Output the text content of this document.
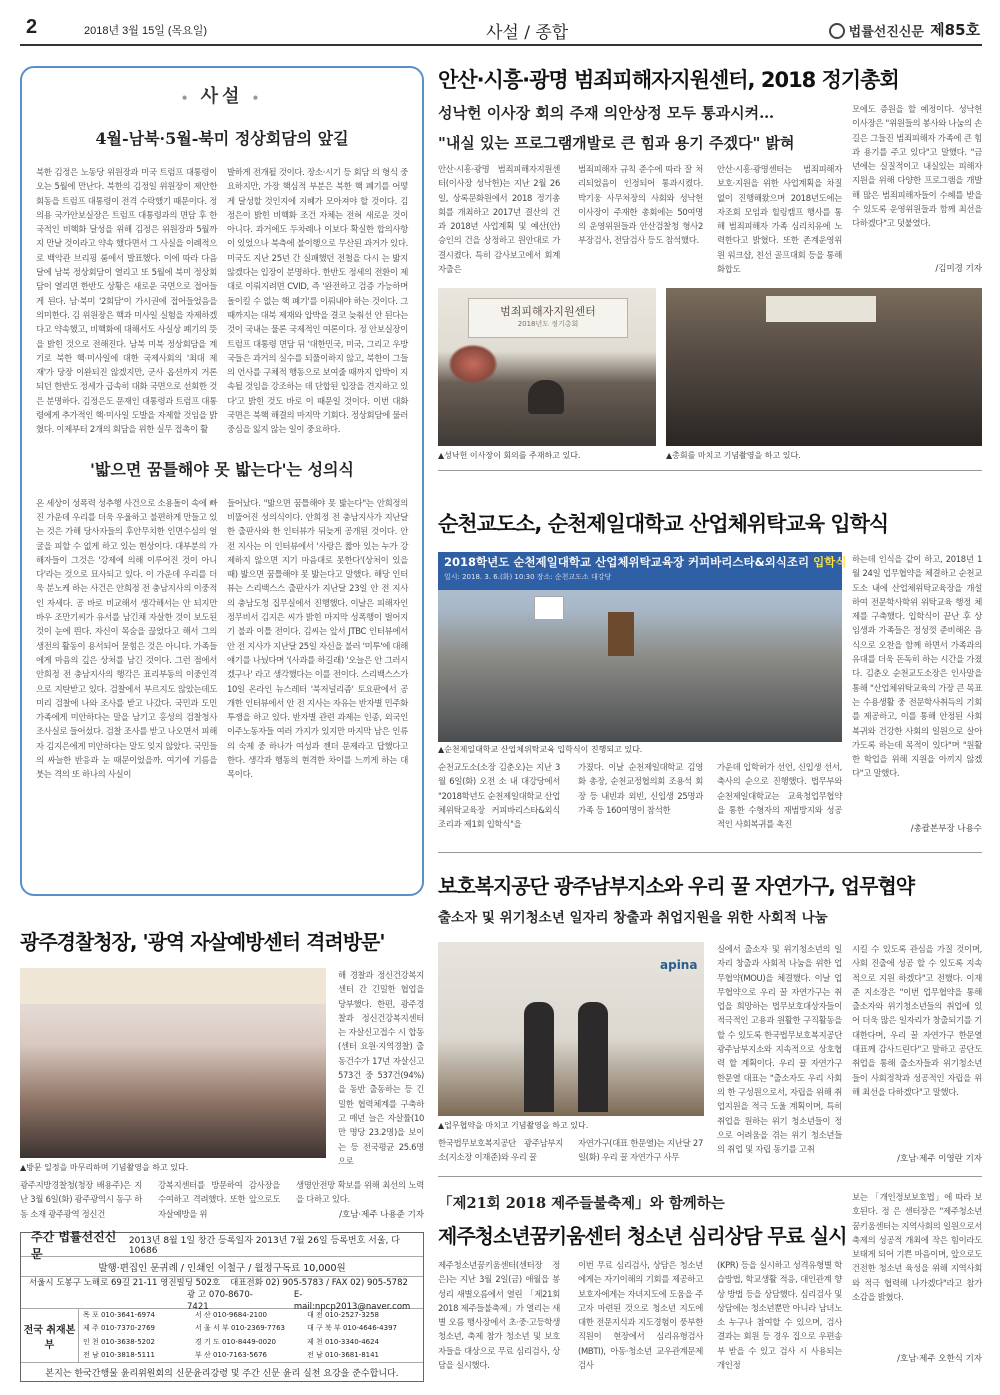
2	2018년 3월 15일 (목요일)	사설 / 종합	법률선진신문 제85호
• 사설 •
4월-남북·5월-북미 정상회담의 앞길
북한 김정은 노동당 위원장과 미국 트럼프 대통령이 오는 5월에 만난다. 북한의 김정일 위원장이 제안한 회동을 트럼프 대통령이 전격 수락했기 때문이다. 정의용 국가안보실장은 트럼프 대통령과의 면담 후 한국적인 비핵화 달성을 위해 김정은 위원장과 5월까지 만날 것이라고 약속 했다면서 그 사실을 이례적으로 백악관 브리핑 룸에서 발표했다. 이에 따라 다음 달에 남북 정상회담이 열리고 또 5월에 북미 정상회담이 열리면 한반도 상황은 새로운 국면으로 접어들게 된다. 남·북미 '2회담'이 가시권에 접어들었음을 의미한다. 김 위원장은 핵과 미사일 실험을 자제하겠다고 약속했고, 비핵화에 대해서도 사실상 폐기의 뜻을 밝힌 것으로 전해진다. 남북 미북 정상회담을 계기로 북한 핵·미사일에 대한 국제사회의 '최대 제재'가 당장 이완되진 않겠지만, 군사 옵션까지 거론되던 한반도 정세가 급속히 대화 국면으로 선회한 것은 분명하다. 김정은도 문재인 대통령과 트럼프 대통령에게 추가적인 핵·미사일 도발을 자제할 것임을 밝혔다. 이제부터 2개의 회담을 위한 실무 접촉이 활
발하게 전개될 것이다. 장소·시기 등 회담 의 형식 중요하지만, 가장 핵심적 부분은 북한 핵 폐기를 어떻게 달성할 것인지에 지혜가 모아져야 할 것이다. 김정은이 밝힌 비핵화 조건 자체는 전혀 새로운 것이 아니다. 과거에도 두차례나 이보다 확실한 합의사항이 있었으나 북측에 불이행으로 무산된 과거가 있다. 미국도 지난 25년 간 실패했던 전철을 다시 는 밟지 않겠다는 입장이 분명하다. 한반도 정세의 전환이 제대로 이뤄지려면 CVID, 즉 '완전하고 검증 가능하며 돌이킬 수 없는 핵 폐기'를 이뤄내야 하는 것이다. 그때까지는 대북 제재와 압박을 결코 늦춰선 안 된다는 것이 국내는 물론 국제적인 여론이다. 정 안보실장이 트럼프 대통령 면담 뒤 '대한민국, 미국, 그리고 우방국들은 과거의 실수를 되풀이하지 않고, 북한이 그들의 언사를 구체적 행동으로 보여줄 때까지 압박이 지속될 것임을 강조하는 데 단합된 입장을 견지하고 있다'고 밝힌 것도 바로 이 때문일 것이다. 이번 대화 국면은 북핵 해결의 마지막 기회다. 정상회담에 물러 중심을 잃지 않는 일이 중요하다.
'밟으면 꿈틀해야 못 밟는다'는 성의식
온 세상이 성폭력 성추행 사건으로 소용돌이 속에 빠진 가운데 우리를 더욱 우울하고 불편하게 만들고 있는 것은 가해 당사자들의 후안무치한 인면수심의 얼굴을 피할 수 없게 하고 있는 현상이다. 대부분의 가해자들이 그것은 '강제에 의해 이루어진 것이 아니다'라는 것으로 묘사되고 있다. 이 가운데 우리를 더욱 분노케 하는 사건은 안희정 전 충남지사의 이중적인 자세다. 공 바로 비교해서 생각해서는 안 되지만 바우 조만기씨가 유서를 남긴채 자살한 것이 보도된 것이 눈에 띈다. 자신이 목숨을 끊었다고 해서 그의 생전의 활동이 용서되어 묻힘은 것은 아니다. 가족들에게 마음의 깊은 상처를 남긴 것이다. 그런 점에서 안희정 전 충남지사의 행각은 표리부동의 이중인격으로 지탄받고 있다. 검찰에서 부르지도 않았는데도 미리 검찰에 나와 조사를 받고 나갔다. 국민과 도민 가족에게 미안하다는 말을 남기고 홍성의 검찰청사 조사실로 들어섰다. 검찰 조사를 받고 나오면서 피해자 김지은에게 미안하다는 말도 잊지 않았다. 국민들의 싸늘한 반응과 눈 때문이었을까. 여기에 기름을 붓는 격의 또 하나의 사실이
들어났다. "밟으면 꿈틀해야 못 밟는다"는 안희정의 비뚤어진 성의식이다. 안희정 전 충남지사가 지난달 한 출판사와 한 인터뷰가 뒤늦게 공개된 것이다. 안 전 지사는 이 인터뷰에서 '사랑은 짧아 있는 누가 강제하지 않으면 지기 마음대로 못한다'(상처이 있을 때) 밟으면 꿈틀해야 못 밟는다고 말했다. 해당 인터뷰는 스리백스스 출판사가 지난달 23일 안 전 지사의 충남도청 집무실에서 진행했다. 이날은 피해자인 정무비서 김지은 씨가 밝힌 마지막 성폭행이 벌어지기 불과 이틀 전이다. 김씨는 앞서 JTBC 인터뷰에서 안 전 지사가 지난달 25일 자신을 불러 '미투'에 대해 얘기를 나눴다며 '(사과를 하길래) '오늘은 안 그러시겠구나' 라고 생각했다는 이를 전이다. 스리백스스가 10일 온라인 뉴스레터 '북저널리즘' 토요판에서 공개한 인터뷰에서 안 전 지사는 자유는 반자별 민주화 투쟁을 하고 있다. 반자별 관련 과제는 인종, 외국인 이주노동자들 여러 가지가 있지만 마지막 남은 인류의 숙제 중 하나가 여성과 젠더 문제라고 답했다고 한다. 생각과 행동의 현격한 차이를 느끼게 하는 대목이다.
안산·시흥·광명 범죄피해자지원센터, 2018 정기총회
성낙헌 이사장 회의 주재 의안상정 모두 통과시켜…
"내실 있는 프로그램개발로 큰 힘과 용기 주겠다" 밝혀
안산·시흥·광명 범죄피해자지원센터(이사장 성낙헌)는 지난 2월 26일, 상록문화원에서 2018 정기총회를 개최하고 2017년 결산의 건과 2018년 사업계획 및 예산(안) 승인의 건을 상정하고 원안대로 가결시켰다. 특히 감사보고에서 회계자출은
범죄피해자 규칙 준수에 따라 잘 처리되었음이 인정되어 통과시켰다. 박기웅 사무처장의 사회와 성낙헌 이사장이 주재한 총회에는 50여명의 운영위원들과 안산검찰청 형사2부장검사, 전담검사 등도 참석했다.
안산·시흥·광명센터는 범죄피해자 보호·지원을 위한 사업계획을 차질 없이 진행해왔으며 2018년도에는 자조회 모임과 힐링캠프 행사를 통해 범죄피해자 가족 심리치유에 노력한다고 밝혔다. 또한 존계운영위원 워크샵, 친선 골프대회 등을 통해 화합도
모에도 증원을 할 예정이다. 성낙헌 이사장은 "위원들의 봉사와 나눔의 손길은 그들진 범죄피해자 가족에 큰 힘과 용기를 주고 있다"고 말했다. "금년에는 실질적이고 내실있는 피해자 지원을 위해 다양한 프로그램을 개발해 많은 범죄피해자들이 수혜를 받을 수 있도록 운영위원들과 함께 최선을 다하겠다"고 덧붙였다.
/김미경 기자
범죄피해자지원센터
2018년도 정기총회
▲성낙헌 이사장이 회의를 주재하고 있다.	▲총회를 마치고 기념촬영을 하고 있다.
순천교도소, 순천제일대학교 산업체위탁교육 입학식
2018학년도 순천제일대학교 산업체위탁교육장 커피바리스타&외식조리 입학식
일시: 2018. 3. 6.(화) 10:30 장소: 순천교도소 대강당
▲순천제일대학교 산업체위탁교육 입학식이 진행되고 있다.
순천교도소(소장 김춘오)는 지난 3월 6일(화) 오전 소 내 대강당에서 "2018학년도 순천제일대학교 산업체위탁교육장 커피바리스타&외식조리과 제1회 입학식"을
가졌다. 이날 순천제일대학교 김영화 총장, 순천교정협의회 조용석 회장 등 내빈과 외빈, 신입생 25명과 가족 등 160여명이 참석한
가운데 입학허가 선언, 신입생 선서, 축사의 순으로 진행했다. 법무부와 순천제일대학교는 교육청업무협약을 통한 수형자의 재범방지와 성공적인 사회복귀를 촉진
하는데 인식을 같이 하고, 2018년 1월 24일 업무협약을 체결하고 순천교도소 내에 산업체위탁교육장을 개설하여 전문학사학위 위탁교육 행정 체제를 구축했다. 입학식이 끝난 후 상임생과 가족들은 정성껏 준비해온 음식으로 오찬을 함께 하면서 가족과의 유대를 더욱 돈독히 하는 시간을 가졌다. 김춘오 순천교도소장은 인사말을 통해 "산업체위탁교육의 가장 큰 목표는 수용생활 중 전문학사취득의 기회를 제공하고, 이를 통해 안정된 사회복귀와 건강한 사회의 일원으로 살아가도록 하는데 목적이 있다"며 "원활한 학업을 위해 지원을 아끼지 않겠다"고 말했다.
/총괄본부장 나용수
보호복지공단 광주남부지소와 우리 꿀 자연가구, 업무협약
출소자 및 위기청소년 일자리 창출과 취업지원을 위한 사회적 나눔
apina
▲업무협약을 마치고 기념촬영을 하고 있다.
한국법무보호복지공단 광주남부지소(지소장 이재준)와 우리 꿀
자연가구(대표 한문열)는 지난달 27일(화) 우리 꿀 자연가구 사무
실에서 출소자 및 위기청소년의 일자리 창출과 사회적 나눔을 위한 업무협약(MOU)을 체결했다. 이날 업무협약으로 우리 꿀 자연가구는 취업을 희망하는 법무보호대상자들이 적극적인 고용과 원활한 구직활동을 할 수 있도록 한국법무보호복지공단 광주남부지소와 지속적으로 상호협력 할 계획이다. 우리 꿀 자연가구 한문열 대표는 "출소자도 우리 사회의 한 구성원으로서, 자립을 위해 취업지원을 적극 도울 계획이며, 특히 취업을 원하는 위기 청소년들이 정으로 어려움을 겪는 위기 청소년들의 취업 및 자립 동기를 고취
시킬 수 있도록 관심을 가질 것이며, 사회 진출에 성공 할 수 있도록 지속적으로 지원 하겠다"고 전했다. 이재준 지소장은 "이번 업무협약을 통해 출소자와 위기청소년들의 취업에 있어 더욱 많은 일자리가 창출되기를 기대한다며, 우리 꿀 자연가구 한문열 대표께 감사드린다"고 말하고 공단도 취업을 통해 출소자들과 위기청소년들이 사회정착과 성공적인 자립을 위해 최선을 다하겠다"고 말했다.
/호남·제주 이영란 기자
「제21회 2018 제주들불축제」와 함께하는
제주청소년꿈키움센터 청소년 심리상담 무료 실시
제주청소년꿈키움센터(센터장 정 은)는 지난 3월 2일(금) 애월읍 봉성리 새별오름에서 열린 「제21회 2018 제주들불축제」가 열리는 새별 오름 행사장에서 초·중·고등학생 청소년, 축제 참가 청소년 및 보호자들을 대상으로 무료 심리검사, 상담을 실시했다.
이번 무료 심리검사, 상담은 청소년에게는 자기이해의 기회를 제공하고 보호자에게는 자녀지도에 도움을 주고자 마련된 것으로 청소년 지도에 대한 전문지식과 지도경험이 풍부한 직원이 현장에서 심리유형검사(MBTI), 아동·청소년 교우관계문제검사
(KPR) 등을 실시하고 성격유형별 학습방법, 학교생활 적응, 대인관계 향상 방법 등을 상담했다. 심리검사 및 상담에는 청소년뿐만 아니라 남녀노소 누구나 참여할 수 있으며, 검사 결과는 회원 등 경우 집으로 우편송부 받을 수 있고 검사 시 사용되는 개인정
보는 「개인정보보호법」에 따라 보호된다. 정 은 센터장은 "제주청소년꿈키움센터는 지역사회의 일원으로서 축제의 성공적 개최에 작은 힘이라도 보태게 되어 기쁜 마음이며, 앞으로도 건전한 청소년 육성을 위해 지역사회와 적극 협력해 나가겠다"라고 참가 소감을 밝혔다.
/호남·제주 오한식 기자
광주경찰청장, '광역 자살예방센터 격려방문'
▲방문 일정을 마무리하며 기념촬영을 하고 있다.
해 경찰과 정신건강복지센터 간 긴밀한 협업을 당부했다. 한편, 광주경찰과 정신건강복지센터는 자살신고접수 시 합동(센터 요원·지역경찰) 출동건수가 17년 자살신고 573건 중 537건(94%)을 동반 출동하는 등 긴밀한 협력체계를 구축하고 매년 늘은 자살률(10만 명당 23.2명)을 보이는 등 전국평균 25.6명으로
광주지방경찰청(청장 배용주)은 지난 3월 6일(화) 광주광역시 동구 하동 소재 광주광역 정신건
강복지센터를 방문하여 감사장을 수여하고 격려했다. 또한 앞으로도 자살예방을 위
생명안전망 확보를 위해 최선의 노력을 다하고 있다.
/호남·제주 나용준 기자
주간 법률선진신문
2013년 8월 1일 창간 등록일자 2013년 7월 26일 등록번호 서울, 다10686
발행·편집인 문귀례 / 인쇄인 이철구 / 월정구독료 10,000원
서울시 도봉구 노해로 69길 21-11 영진빌딩 502호 대표전화 02) 905-5783 / FAX 02) 905-5782
광 고 070-8670-7421
E-mail:npcp2013@naver.com
전국 취재본부
목 포 010-3641-6974	서 산 010-9684-2100	대 전 010-2527-3258
제 주 010-7370-2769	서 울 서 부 010-2369-7763	대 구 북 부 010-4646-4397
인 천 010-3638-5202	경 기 도 010-8449-0020	제 천 010-3340-4624
전 남 010-3818-5111	부 산 010-7163-5676	전 남 010-3681-8141
본지는 한국간행물 윤리위원회의 신문윤리강령 및 주간 신문 윤리 실천 요강을 준수합니다.
